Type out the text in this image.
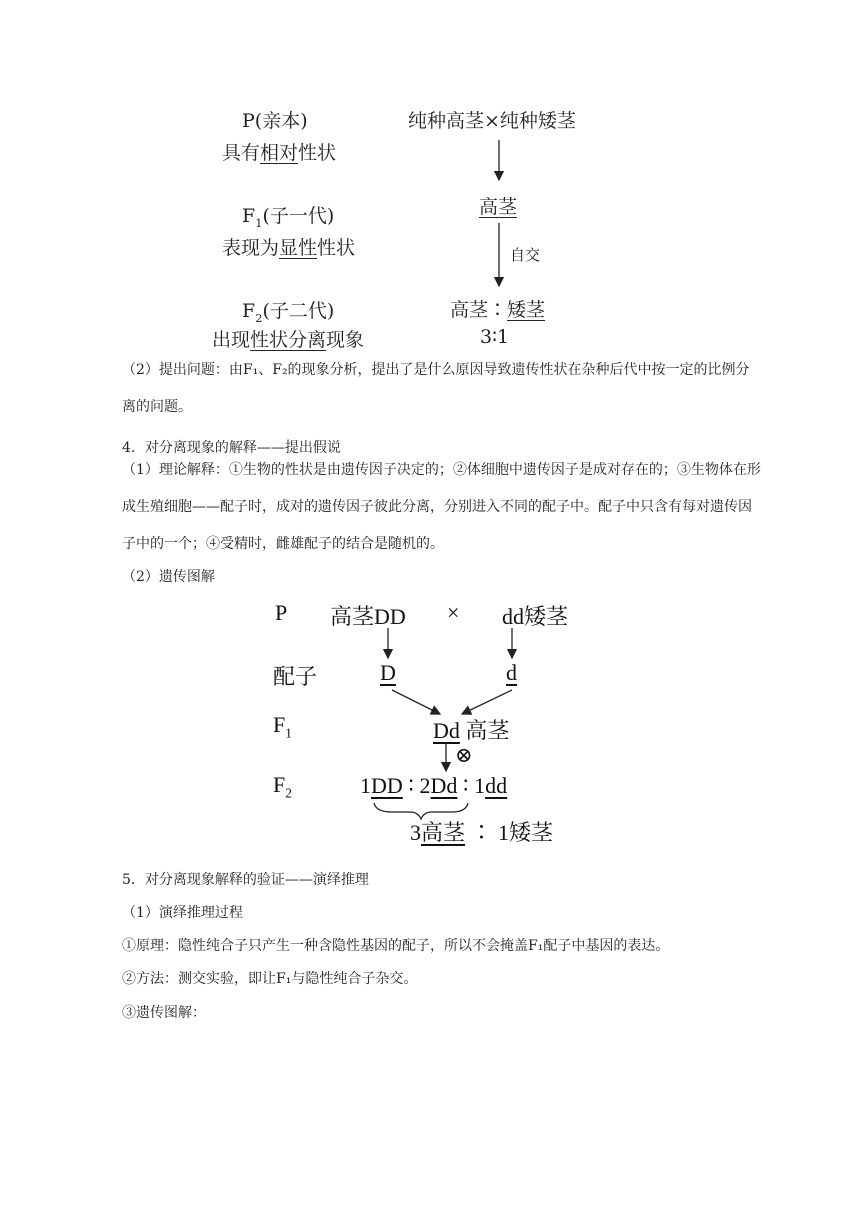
P(亲本)
具有相对性状
$F_1$(子一代)
表现为显性性状
$F_2$(子二代)
出现性状分离现象
纯种高茎×纯种矮茎
高茎
自交
高茎∶矮茎
3∶1
（2）提出问题：由F₁、F₂的现象分析，提出了是什么原因导致遗传性状在杂种后代中按一定的比例分离的问题。
4．对分离现象的解释——提出假说
（1）理论解释：①生物的性状是由遗传因子决定的；②体细胞中遗传因子是成对存在的；③生物体在形成生殖细胞——配子时，成对的遗传因子彼此分离，分别进入不同的配子中。配子中只含有每对遗传因子中的一个；④受精时，雌雄配子的结合是随机的。
（2）遗传图解
P 高茎DD × dd矮茎
配子	D	d
$F_1$	Dd 高茎
⊗
$F_2$	1DD ∶ 2Dd ∶ 1dd
3高茎 ∶ 1矮茎
5．对分离现象解释的验证——演绎推理
（1）演绎推理过程
①原理：隐性纯合子只产生一种含隐性基因的配子，所以不会掩盖F₁配子中基因的表达。
②方法：测交实验，即让F₁与隐性纯合子杂交。
③遗传图解：
